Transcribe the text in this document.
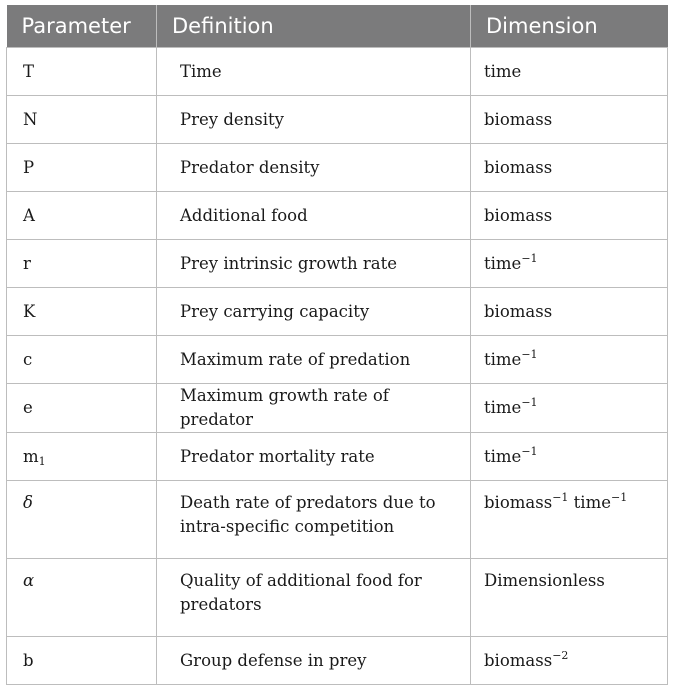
Parameter	Definition	Dimension
T	Time	time
N	Prey density	biomass
P	Predator density	biomass
A	Additional food	biomass
r	Prey intrinsic growth rate	time$^{-1}$
K	Prey carrying capacity	biomass
c	Maximum rate of predation	time$^{-1}$
e	Maximum growth rate of predator	time$^{-1}$
$m_1$	Predator mortality rate	time$^{-1}$
δ	Death rate of predators due to intra-specific competition	biomass$^{-1}$ time$^{-1}$
α	Quality of additional food for predators	Dimensionless
b	Group defense in prey	biomass$^{-2}$
